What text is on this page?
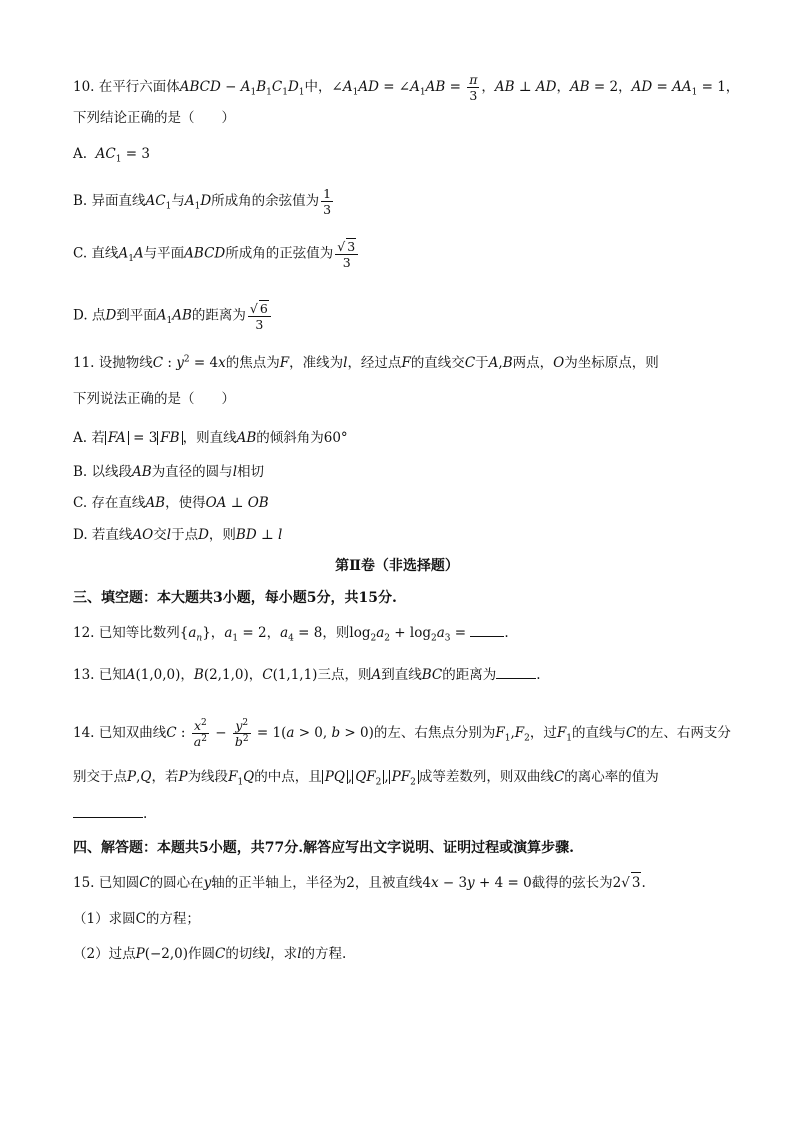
10. 在平行六面体ABCD − $A_1B_1C_1D_1$中，$\angle A_1AD$ = $\angle A_1AB = \frac{\pi}{3}$ ，AB ⊥ AD，AB = 2，AD = $AA_1 = 1$，
下列结论正确的是（　　）
A.  $AC_1 = 3$
B. 异面直线$AC_1$与$A_1D$所成角的余弦值为 $\frac{1}{3}$
C. 直线$A_1A$与平面ABCD所成角的正弦值为 $\frac{√ 3}{3}$
D. 点D到平面$A_1AB$的距离为 $\frac{√ 6}{3}$
11. 设抛物线C : $y^2 = 4x$的焦点为F，准线为l，经过点F的直线交C于A,B两点，O为坐标原点，则
下列说法正确的是（　　）
A. 若 FA = 3 FB ，则直线AB的倾斜角为60°
B. 以线段AB为直径的圆与l相切
C. 存在直线AB，使得OA ⊥ OB
D. 若直线AO交l于点D，则BD ⊥ l
第Ⅱ卷（非选择题）
三、填空题：本大题共3小题，每小题5分，共15分.
12. 已知等比数列$\{a_n\}$，$a_1 = 2$，$a_4 = 8$，则$\log_2a_2 + \log_2a_3$ =	.
13. 已知A(1,0,0)，B(2,1,0)，C(1,1,1)三点，则A到直线BC的距离为	.
14. 已知双曲线C : $\frac{x^2}{a^2} - \frac{y^2}{b^2} = 1(a > 0$, b > 0)的左、右焦点分别为$F_1,F_2$，过$F_1$的直线与C的左、右两支分
别交于点P,Q，若P为线段$F_1Q$的中点，且 PQ , $QF_2$ , $PF_2$ 成等差数列，则双曲线C的离心率的值为
.
四、解答题：本题共5小题，共77分.解答应写出文字说明、证明过程或演算步骤.
15. 已知圆C的圆心在y轴的正半轴上，半径为2，且被直线4x − 3y + 4 = 0截得的弦长为2√ 3.
（1）求圆C的方程；
（2）过点P(−2,0)作圆C的切线l，求l的方程.
